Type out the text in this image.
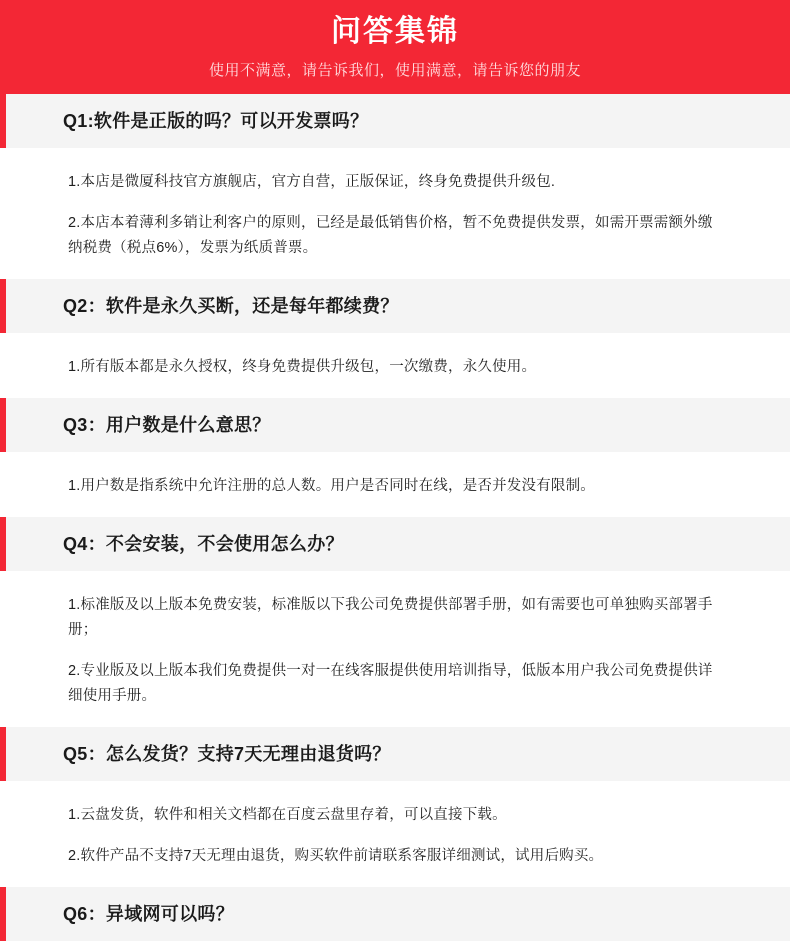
问答集锦
使用不满意，请告诉我们，使用满意，请告诉您的朋友
Q1:软件是正版的吗？可以开发票吗？

1.本店是微厦科技官方旗舰店，官方自营，正版保证，终身免费提供升级包.

2.本店本着薄利多销让利客户的原则，已经是最低销售价格，暂不免费提供发票，如需开票需额外缴纳税费（税点6%），发票为纸质普票。

Q2：软件是永久买断，还是每年都续费？

1.所有版本都是永久授权，终身免费提供升级包，一次缴费，永久使用。

Q3：用户数是什么意思？

1.用户数是指系统中允许注册的总人数。用户是否同时在线，是否并发没有限制。

Q4：不会安装，不会使用怎么办？

1.标准版及以上版本免费安装，标准版以下我公司免费提供部署手册，如有需要也可单独购买部署手册；

2.专业版及以上版本我们免费提供一对一在线客服提供使用培训指导，低版本用户我公司免费提供详细使用手册。

Q5：怎么发货？支持7天无理由退货吗？

1.云盘发货，软件和相关文档都在百度云盘里存着，可以直接下载。

2.软件产品不支持7天无理由退货，购买软件前请联系客服详细测试，试用后购买。

Q6：异域网可以吗？
